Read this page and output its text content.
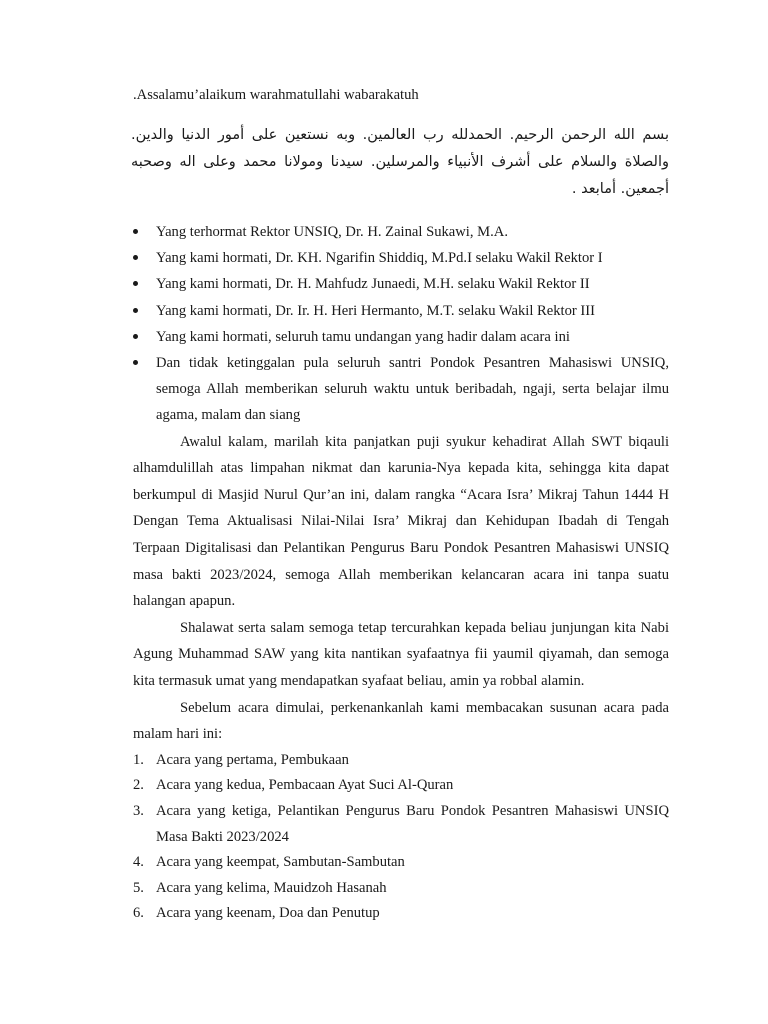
.Assalamu’alaikum warahmatullahi wabarakatuh

بسم الله الرحمن الرحيم. الحمدلله رب العالمين. وبه نستعين على أمور الدنيا والدين. والصلاة والسلام على أشرف الأنبياء والمرسلين. سيدنا ومولانا محمد وعلى اله وصحبه أجمعين. أمابعد .

Yang terhormat Rektor UNSIQ, Dr. H. Zainal Sukawi, M.A.
Yang kami hormati, Dr. KH. Ngarifin Shiddiq, M.Pd.I selaku Wakil Rektor I
Yang kami hormati, Dr. H. Mahfudz Junaedi, M.H. selaku Wakil Rektor II
Yang kami hormati, Dr. Ir. H. Heri Hermanto, M.T. selaku Wakil Rektor III
Yang kami hormati, seluruh tamu undangan yang hadir dalam acara ini
Dan tidak ketinggalan pula seluruh santri Pondok Pesantren Mahasiswi UNSIQ, semoga Allah memberikan seluruh waktu untuk beribadah, ngaji, serta belajar ilmu agama, malam dan siang

Awalul kalam, marilah kita panjatkan puji syukur kehadirat Allah SWT biqauli alhamdulillah atas limpahan nikmat dan karunia-Nya kepada kita, sehingga kita dapat berkumpul di Masjid Nurul Qur’an ini, dalam rangka “Acara Isra’ Mikraj Tahun 1444 H Dengan Tema Aktualisasi Nilai-Nilai Isra’ Mikraj dan Kehidupan Ibadah di Tengah Terpaan Digitalisasi dan Pelantikan Pengurus Baru Pondok Pesantren Mahasiswi UNSIQ masa bakti 2023/2024, semoga Allah memberikan kelancaran acara ini tanpa suatu halangan apapun.

Shalawat serta salam semoga tetap tercurahkan kepada beliau junjungan kita Nabi Agung Muhammad SAW yang kita nantikan syafaatnya fii yaumil qiyamah, dan semoga kita termasuk umat yang mendapatkan syafaat beliau, amin ya robbal alamin.

Sebelum acara dimulai, perkenankanlah kami membacakan susunan acara pada malam hari ini:

1. Acara yang pertama, Pembukaan
2. Acara yang kedua, Pembacaan Ayat Suci Al-Quran
3. Acara yang ketiga, Pelantikan Pengurus Baru Pondok Pesantren Mahasiswi UNSIQ Masa Bakti 2023/2024
4. Acara yang keempat, Sambutan-Sambutan
5. Acara yang kelima, Mauidzoh Hasanah
6. Acara yang keenam, Doa dan Penutup
